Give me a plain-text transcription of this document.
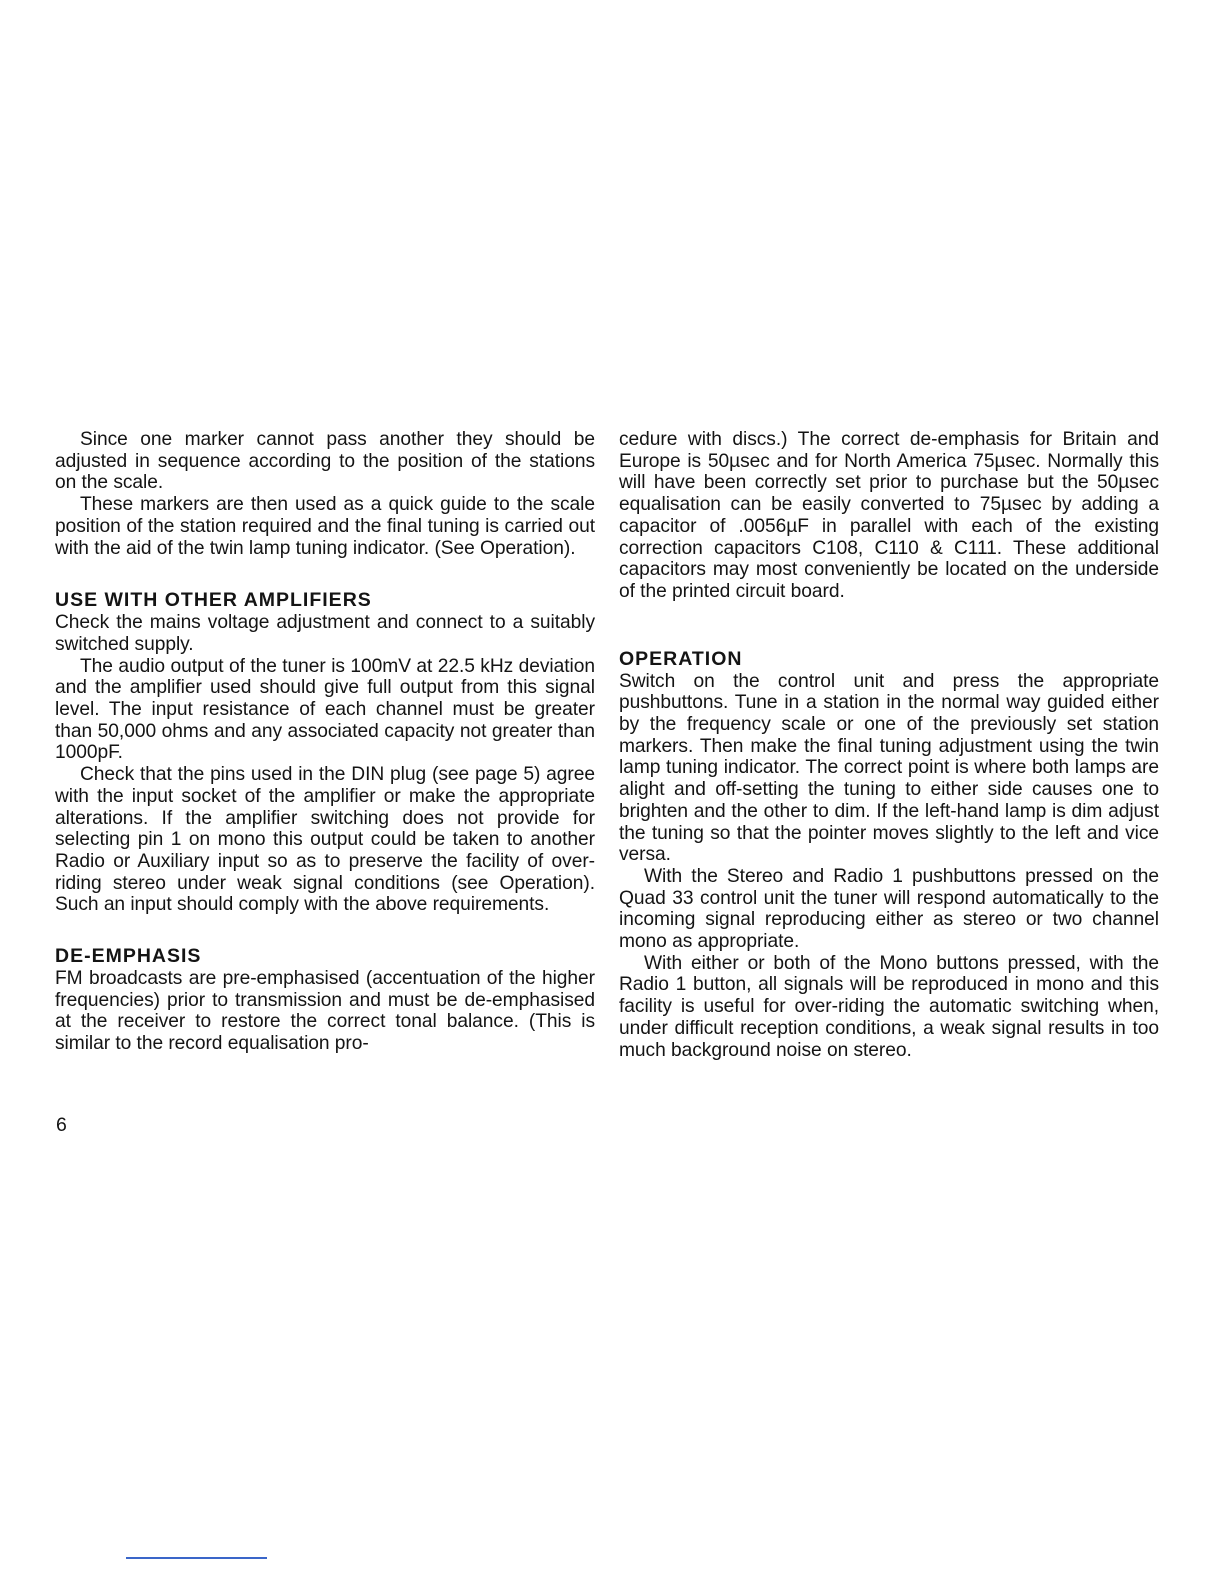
Since one marker cannot pass another they should be adjusted in sequence according to the position of the stations on the scale.

These markers are then used as a quick guide to the scale position of the station required and the final tuning is carried out with the aid of the twin lamp tuning indicator. (See Operation).

USE WITH OTHER AMPLIFIERS

Check the mains voltage adjustment and connect to a suitably switched supply.

The audio output of the tuner is 100mV at 22.5 kHz deviation and the amplifier used should give full output from this signal level. The input resistance of each channel must be greater than 50,000 ohms and any associated capacity not greater than 1000pF.

Check that the pins used in the DIN plug (see page 5) agree with the input socket of the amplifier or make the appropriate alterations. If the amplifier switching does not provide for selecting pin 1 on mono this output could be taken to another Radio or Auxiliary input so as to preserve the facility of over-riding stereo under weak signal conditions (see Operation). Such an input should comply with the above requirements.

DE-EMPHASIS

FM broadcasts are pre-emphasised (accentuation of the higher frequencies) prior to transmission and must be de-emphasised at the receiver to restore the correct tonal balance. (This is similar to the record equalisation pro-

cedure with discs.) The correct de-emphasis for Britain and Europe is 50µsec and for North America 75µsec. Normally this will have been correctly set prior to purchase but the 50µsec equalisation can be easily converted to 75µsec by adding a capacitor of .0056µF in parallel with each of the existing correction capacitors C108, C110 & C111. These additional capacitors may most conveniently be located on the underside of the printed circuit board.

OPERATION

Switch on the control unit and press the appropriate pushbuttons. Tune in a station in the normal way guided either by the frequency scale or one of the previously set station markers. Then make the final tuning adjustment using the twin lamp tuning indicator. The correct point is where both lamps are alight and off-setting the tuning to either side causes one to brighten and the other to dim. If the left-hand lamp is dim adjust the tuning so that the pointer moves slightly to the left and vice versa.

With the Stereo and Radio 1 pushbuttons pressed on the Quad 33 control unit the tuner will respond automatically to the incoming signal reproducing either as stereo or two channel mono as appropriate.

With either or both of the Mono buttons pressed, with the Radio 1 button, all signals will be reproduced in mono and this facility is useful for over-riding the automatic switching when, under difficult reception conditions, a weak signal results in too much background noise on stereo.

6
